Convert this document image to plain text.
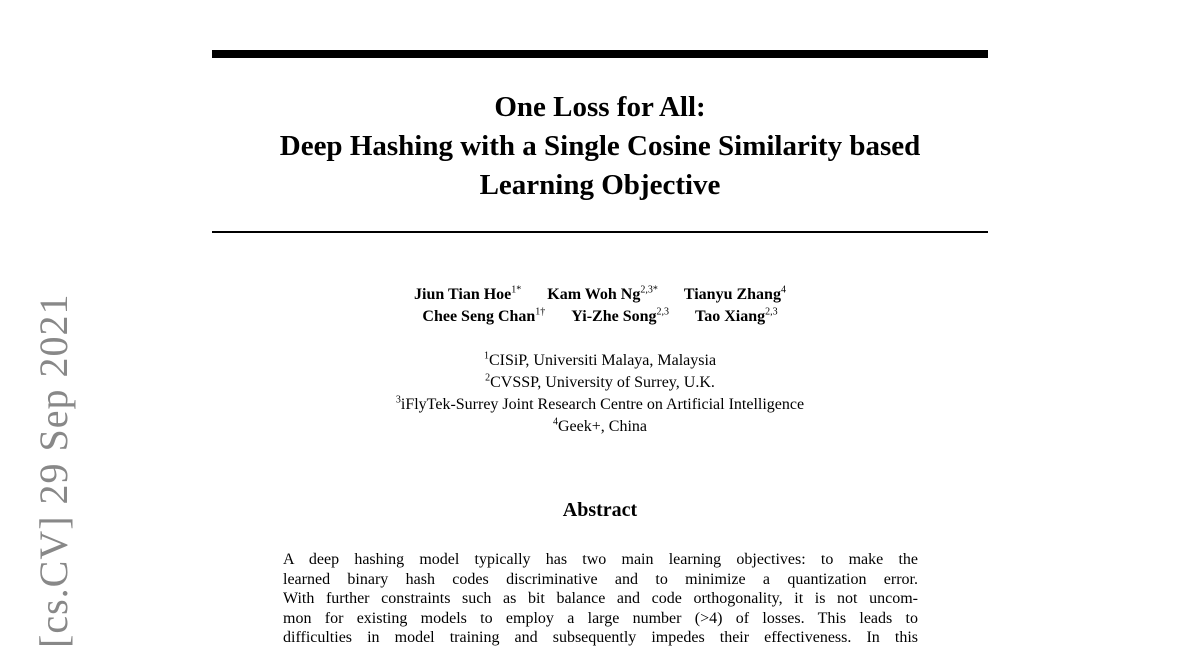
One Loss for All:
Deep Hashing with a Single Cosine Similarity based
Learning Objective
Jiun Tian Hoe$^{1*}$ Kam Woh $Ng^{2,3*}$ Tianyu Zhang$^4$
Chee Seng Chan$^{1\dagger}$ Yi-Zhe Song$^{2,3}$ Tao Xiang$^{2,3}$
$^1$CISiP, Universiti Malaya, Malaysia
$^2$CVSSP, University of Surrey, U.K.
$^3$iFlyTek-Surrey Joint Research Centre on Artificial Intelligence
$^4$Geek+, China
Abstract
A deep hashing model typically has two main learning objectives: to make the
learned binary hash codes discriminative and to minimize a quantization error.
With further constraints such as bit balance and code orthogonality, it is not uncom-
mon for existing models to employ a large number (>4) of losses. This leads to
difficulties in model training and subsequently impedes their effectiveness. In this
[cs.CV] 29 Sep 2021
